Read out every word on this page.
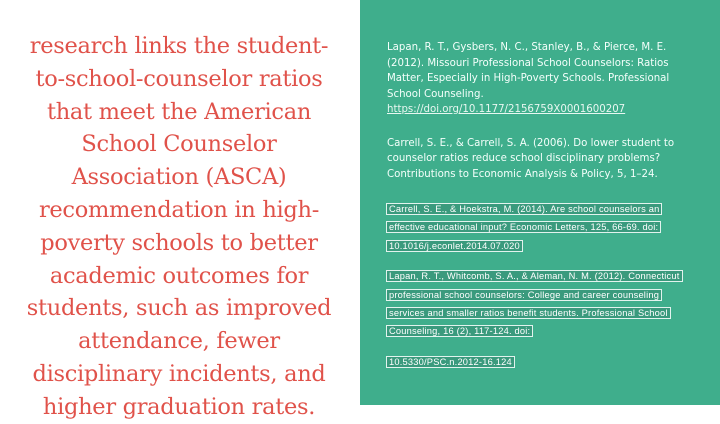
research links the student-to-school-counselor ratios that meet the American School Counselor Association (ASCA) recommendation in high-poverty schools to better academic outcomes for students, such as improved attendance, fewer disciplinary incidents, and higher graduation rates.

Lapan, R. T., Gysbers, N. C., Stanley, B., & Pierce, M. E. (2012). Missouri Professional School Counselors: Ratios Matter, Especially in High-Poverty Schools. Professional School Counseling.
https://doi.org/10.1177/2156759X0001600207

Carrell, S. E., & Carrell, S. A. (2006). Do lower student to counselor ratios reduce school disciplinary problems? Contributions to Economic Analysis & Policy, 5, 1–24.

Carrell, S. E., & Hoekstra, M. (2014). Are school counselors an effective educational input? Economic Letters, 125, 66-69. doi: 10.1016/j.econlet.2014.07.020

Lapan, R. T., Whitcomb, S. A., & Aleman, N. M. (2012). Connecticut professional school counselors: College and career counseling services and smaller ratios benefit students. Professional School Counseling, 16 (2), 117-124. doi:

10.5330/PSC.n.2012-16.124
